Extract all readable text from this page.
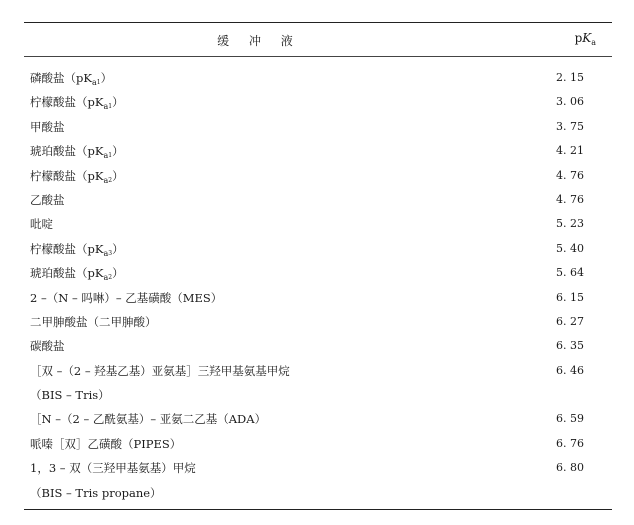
缓 冲 液	$pK_a$
磷酸盐$(pK_a1)$	2. 15
柠檬酸盐$(pK_a1)$	3. 06
甲酸盐	3. 75
琥珀酸盐$(pK_a1)$	4. 21
柠檬酸盐$(pK_a2)$	4. 76
乙酸盐	4. 76
吡啶	5. 23
柠檬酸盐$(pK_a3)$	5. 40
琥珀酸盐$(pK_a2)$	5. 64
2 –（N – 吗啉）– 乙基磺酸（MES）	6. 15
二甲胂酸盐（二甲胂酸）	6. 27
碳酸盐	6. 35
［双 –（2 – 羟基乙基）亚氨基］三羟甲基氨基甲烷	6. 46
（BIS – Tris）
［N –（2 – 乙酰氨基）– 亚氨二乙基（ADA）	6. 59
哌嗪［双］乙磺酸（PIPES）	6. 76
1，3 – 双（三羟甲基氨基）甲烷	6. 80
（BIS – Tris propane）
